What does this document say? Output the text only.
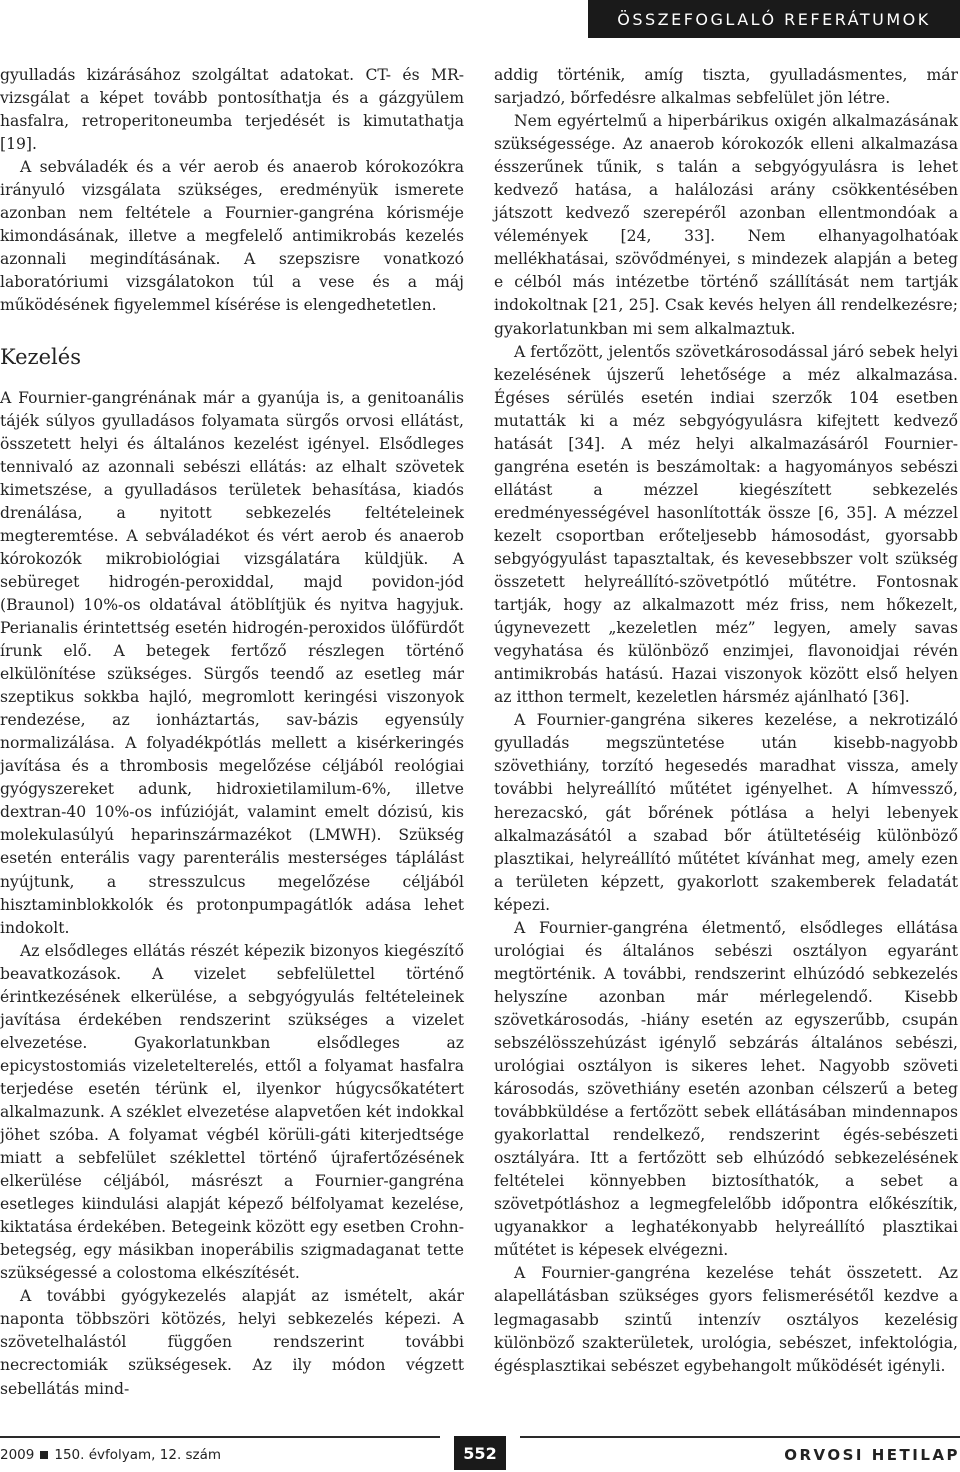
ÖSSZEFOGLALÓ REFERÁTUMOK

gyulladás kizárásához szolgáltat adatokat. CT- és MR-vizsgálat a képet tovább pontosíthatja és a gázgyülem hasfalra, retroperitoneumba terjedését is kimutathatja [19].

A sebváladék és a vér aerob és anaerob kórokozókra irányuló vizsgálata szükséges, eredményük ismerete azonban nem feltétele a Fournier-gangréna kórisméje kimondásának, illetve a megfelelő antimikrobás kezelés azonnali megindításának. A szepszisre vonatkozó laboratóriumi vizsgálatokon túl a vese és a máj működésének figyelemmel kísérése is elengedhetetlen.

Kezelés

A Fournier-gangrénának már a gyanúja is, a genitoanális tájék súlyos gyulladásos folyamata sürgős orvosi ellátást, összetett helyi és általános kezelést igényel. Elsődleges tennivaló az azonnali sebészi ellátás: az elhalt szövetek kimetszése, a gyulladásos területek behasítása, kiadós drenálása, a nyitott sebkezelés feltételeinek megteremtése. A sebváladékot és vért aerob és anaerob kórokozók mikrobiológiai vizsgálatára küldjük. A sebüreget hidrogén-peroxiddal, majd povidon-jód (Braunol) 10%-os oldatával átöblítjük és nyitva hagyjuk. Perianalis érintettség esetén hidrogén-peroxidos ülőfürdőt írunk elő. A betegek fertőző részlegen történő elkülönítése szükséges. Sürgős teendő az esetleg már szeptikus sokkba hajló, megromlott keringési viszonyok rendezése, az ionháztartás, sav-bázis egyensúly normalizálása. A folyadékpótlás mellett a kisérkeringés javítása és a thrombosis megelőzése céljából reológiai gyógyszereket adunk, hidroxietilamilum-6%, illetve dextran-40 10%-os infúzióját, valamint emelt dózisú, kis molekulasúlyú heparinszármazékot (LMWH). Szükség esetén enterális vagy parenterális mesterséges táplálást nyújtunk, a stresszulcus megelőzése céljából hisztaminblokkolók és protonpumpagátlók adása lehet indokolt.

Az elsődleges ellátás részét képezik bizonyos kiegészítő beavatkozások. A vizelet sebfelülettel történő érintkezésének elkerülése, a sebgyógyulás feltételeinek javítása érdekében rendszerint szükséges a vizelet elvezetése. Gyakorlatunkban elsődleges az epicystostomiás vizeletelterelés, ettől a folyamat hasfalra terjedése esetén térünk el, ilyenkor húgycsőkatétert alkalmazunk. A széklet elvezetése alapvetően két indokkal jöhet szóba. A folyamat végbél körüli-gáti kiterjedtsége miatt a sebfelület széklettel történő újrafertőzésének elkerülése céljából, másrészt a Fournier-gangréna esetleges kiindulási alapját képező bélfolyamat kezelése, kiktatása érdekében. Betegeink között egy esetben Crohn-betegség, egy másikban inoperábilis szigmadaganat tette szükségessé a colostoma elkészítését.

A további gyógykezelés alapját az ismételt, akár naponta többszöri kötözés, helyi sebkezelés képezi. A szövetelhalástól függően rendszerint további necrectomiák szükségesek. Az ily módon végzett sebellátás mind-

addig történik, amíg tiszta, gyulladásmentes, már sarjadzó, bőrfedésre alkalmas sebfelület jön létre.

Nem egyértelmű a hiperbárikus oxigén alkalmazásának szükségessége. Az anaerob kórokozók elleni alkalmazása ésszerűnek tűnik, s talán a sebgyógyulásra is lehet kedvező hatása, a halálozási arány csökkentésében játszott kedvező szerepéről azonban ellentmondóak a vélemények [24, 33]. Nem elhanyagolhatóak mellékhatásai, szövődményei, s mindezek alapján a beteg e célból más intézetbe történő szállítását nem tartják indokoltnak [21, 25]. Csak kevés helyen áll rendelkezésre; gyakorlatunkban mi sem alkalmaztuk.

A fertőzött, jelentős szövetkárosodással járó sebek helyi kezelésének újszerű lehetősége a méz alkalmazása. Égéses sérülés esetén indiai szerzők 104 esetben mutatták ki a méz sebgyógyulásra kifejtett kedvező hatását [34]. A méz helyi alkalmazásáról Fournier-gangréna esetén is beszámoltak: a hagyományos sebészi ellátást a mézzel kiegészített sebkezelés eredményességével hasonlították össze [6, 35]. A mézzel kezelt csoportban erőteljesebb hámosodást, gyorsabb sebgyógyulást tapasztaltak, és kevesebbszer volt szükség összetett helyreállító-szövetpótló műtétre. Fontosnak tartják, hogy az alkalmazott méz friss, nem hőkezelt, úgynevezett „kezeletlen méz” legyen, amely savas vegyhatása és különböző enzimjei, flavonoidjai révén antimikrobás hatású. Hazai viszonyok között első helyen az itthon termelt, kezeletlen hársméz ajánlható [36].

A Fournier-gangréna sikeres kezelése, a nekrotizáló gyulladás megszüntetése után kisebb-nagyobb szövethiány, torzító hegesedés maradhat vissza, amely további helyreállító műtétet igényelhet. A hímvessző, herezacskó, gát bőrének pótlása a helyi lebenyek alkalmazásától a szabad bőr átültetéséig különböző plasztikai, helyreállító műtétet kívánhat meg, amely ezen a területen képzett, gyakorlott szakemberek feladatát képezi.

A Fournier-gangréna életmentő, elsődleges ellátása urológiai és általános sebészi osztályon egyaránt megtörténik. A további, rendszerint elhúzódó sebkezelés helyszíne azonban már mérlegelendő. Kisebb szövetkárosodás, -hiány esetén az egyszerűbb, csupán sebszélösszehúzást igénylő sebzárás általános sebészi, urológiai osztályon is sikeres lehet. Nagyobb szöveti károsodás, szövethiány esetén azonban célszerű a beteg továbbküldése a fertőzött sebek ellátásában mindennapos gyakorlattal rendelkező, rendszerint égés-sebészeti osztályára. Itt a fertőzött seb elhúzódó sebkezelésének feltételei könnyebben biztosíthatók, a sebet a szövetpótláshoz a legmegfelelőbb időpontra előkészítik, ugyanakkor a leghatékonyabb helyreállító plasztikai műtétet is képesek elvégezni.

A Fournier-gangréna kezelése tehát összetett. Az alapellátásban szükséges gyors felismerésétől kezdve a legmagasabb szintű intenzív osztályos kezelésig különböző szakterületek, urológia, sebészet, infektológia, égésplasztikai sebészet egybehangolt működését igényli.

2009 150. évfolyam, 12. szám	552	ORVOSI HETILAP
